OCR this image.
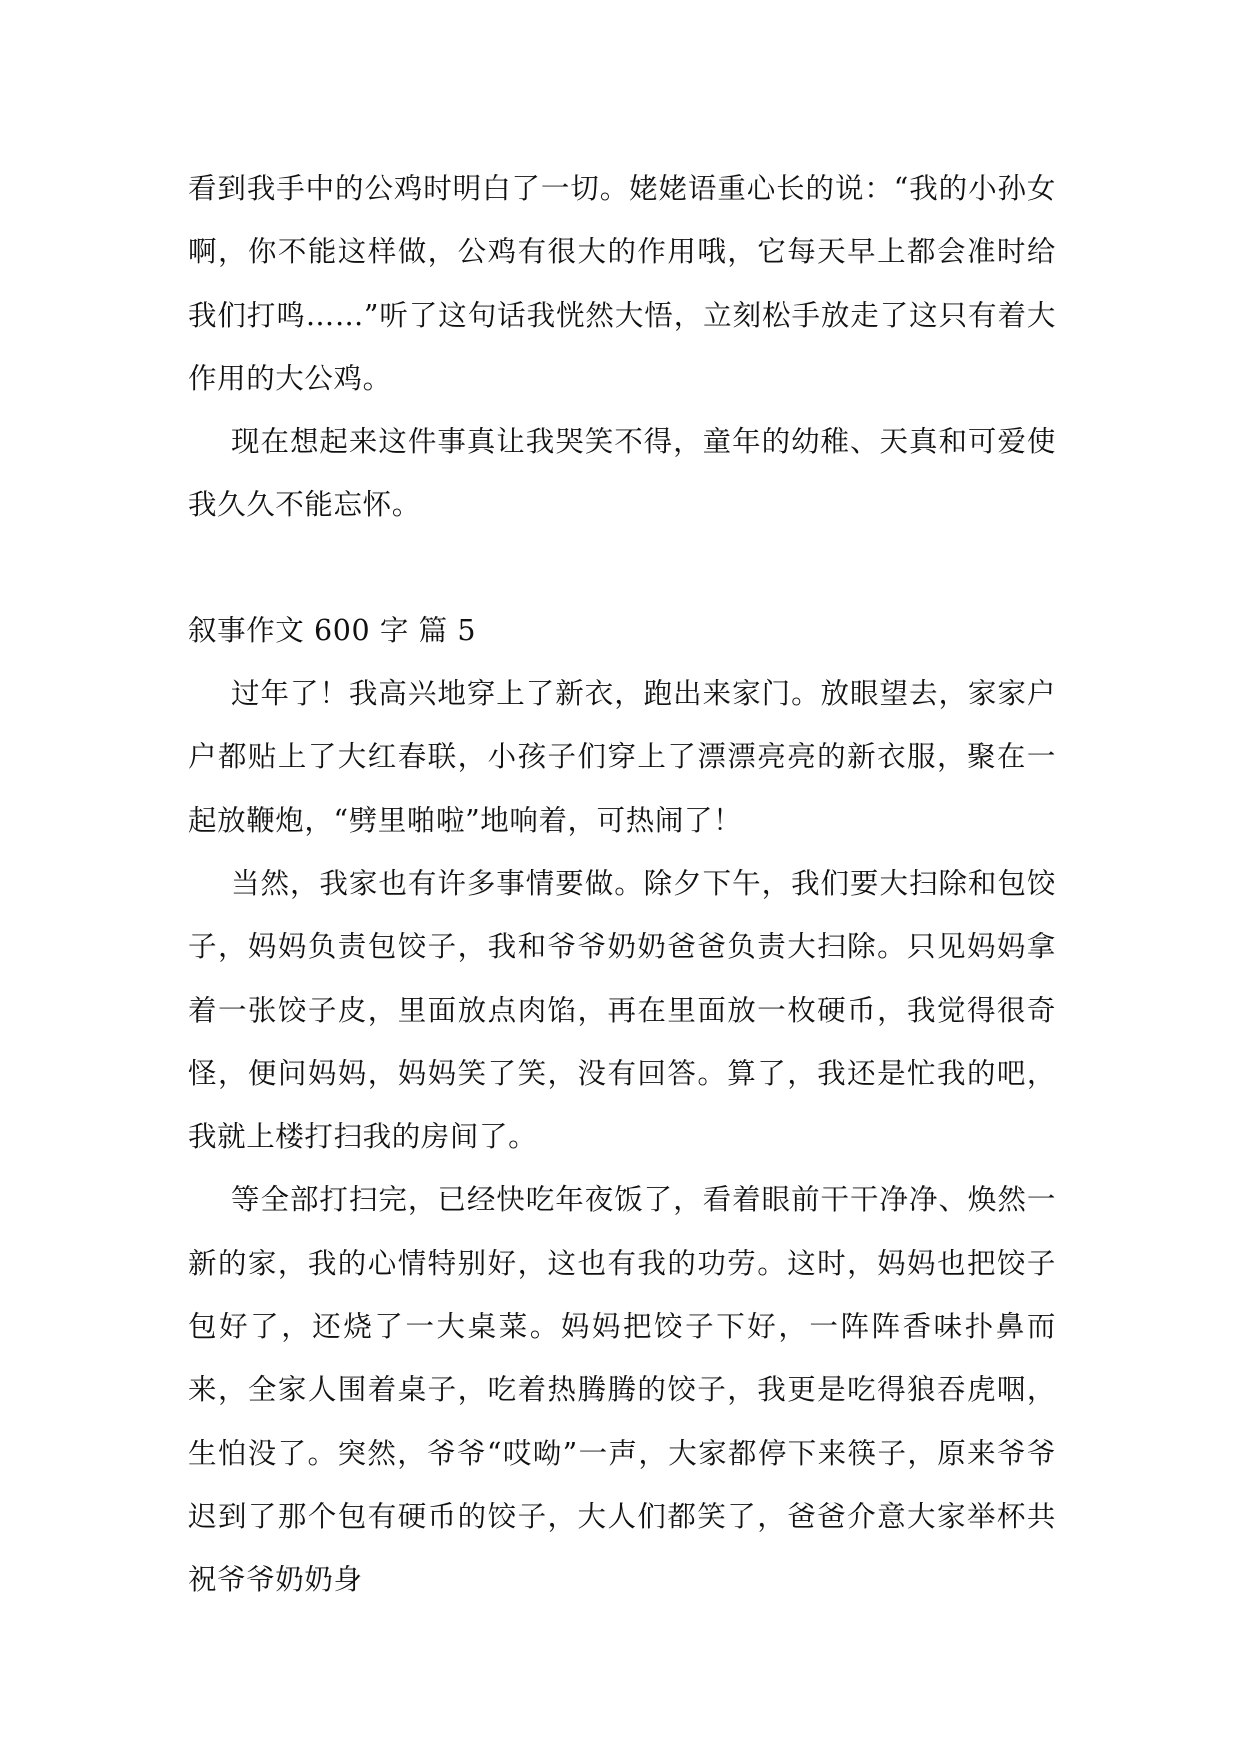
看到我手中的公鸡时明白了一切。姥姥语重心长的说：“我的小孙女啊，你不能这样做，公鸡有很大的作用哦，它每天早上都会准时给我们打鸣……”听了这句话我恍然大悟，立刻松手放走了这只有着大作用的大公鸡。

现在想起来这件事真让我哭笑不得，童年的幼稚、天真和可爱使我久久不能忘怀。

叙事作文 600 字 篇 5

过年了！我高兴地穿上了新衣，跑出来家门。放眼望去，家家户户都贴上了大红春联，小孩子们穿上了漂漂亮亮的新衣服，聚在一起放鞭炮，“劈里啪啦”地响着，可热闹了！

当然，我家也有许多事情要做。除夕下午，我们要大扫除和包饺子，妈妈负责包饺子，我和爷爷奶奶爸爸负责大扫除。只见妈妈拿着一张饺子皮，里面放点肉馅，再在里面放一枚硬币，我觉得很奇怪，便问妈妈，妈妈笑了笑，没有回答。算了，我还是忙我的吧，我就上楼打扫我的房间了。

等全部打扫完，已经快吃年夜饭了，看着眼前干干净净、焕然一新的家，我的心情特别好，这也有我的功劳。这时，妈妈也把饺子包好了，还烧了一大桌菜。妈妈把饺子下好，一阵阵香味扑鼻而来，全家人围着桌子，吃着热腾腾的饺子，我更是吃得狼吞虎咽，生怕没了。突然，爷爷“哎呦”一声，大家都停下来筷子，原来爷爷迟到了那个包有硬币的饺子，大人们都笑了，爸爸介意大家举杯共祝爷爷奶奶身
